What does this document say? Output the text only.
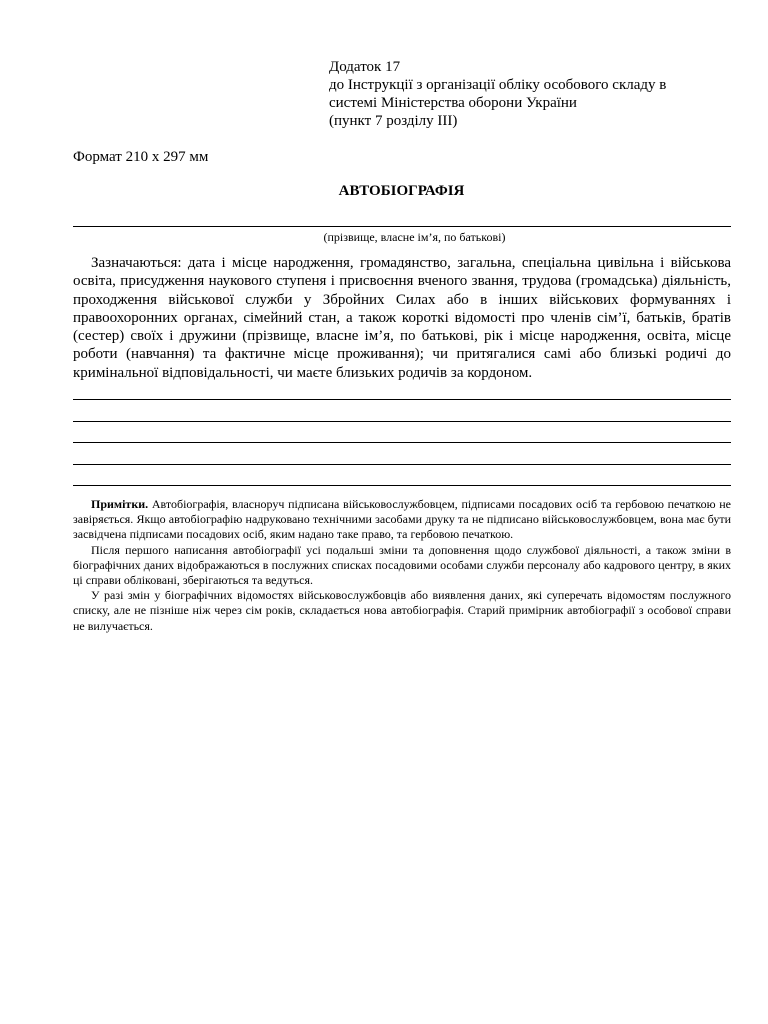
Додаток 17
до Інструкції з організації обліку особового складу в
системі Міністерства оборони України
(пункт 7 розділу ІІІ)
Формат 210 х 297 мм
АВТОБІОГРАФІЯ
(прізвище, власне ім’я, по батькові)

Зазначаються: дата і місце народження, громадянство, загальна, спеціальна цивільна і військова освіта, присудження наукового ступеня і присвоєння вченого звання, трудова (громадська) діяльність, проходження військової служби у Збройних Силах або в інших військових формуваннях і правоохоронних органах, сімейний стан, а також короткі відомості про членів сім’ї, батьків, братів (сестер) своїх і дружини (прізвище, власне ім’я, по батькові, рік і місце народження, освіта, місце роботи (навчання) та фактичне місце проживання); чи притягалися самі або близькі родичі до кримінальної відповідальності, чи маєте близьких родичів за кордоном.

Примітки. Автобіографія, власноруч підписана військовослужбовцем, підписами посадових осіб та гербовою печаткою не завіряється. Якщо автобіографію надруковано технічними засобами друку та не підписано військовослужбовцем, вона має бути засвідчена підписами посадових осіб, яким надано таке право, та гербовою печаткою.

Після першого написання автобіографії усі подальші зміни та доповнення щодо службової діяльності, а також зміни в біографічних даних відображаються в послужних списках посадовими особами служби персоналу або кадрового центру, в яких ці справи обліковані, зберігаються та ведуться.

У разі змін у біографічних відомостях військовослужбовців або виявлення даних, які суперечать відомостям послужного списку, але не пізніше ніж через сім років, складається нова автобіографія. Старий примірник автобіографії з особової справи не вилучається.
